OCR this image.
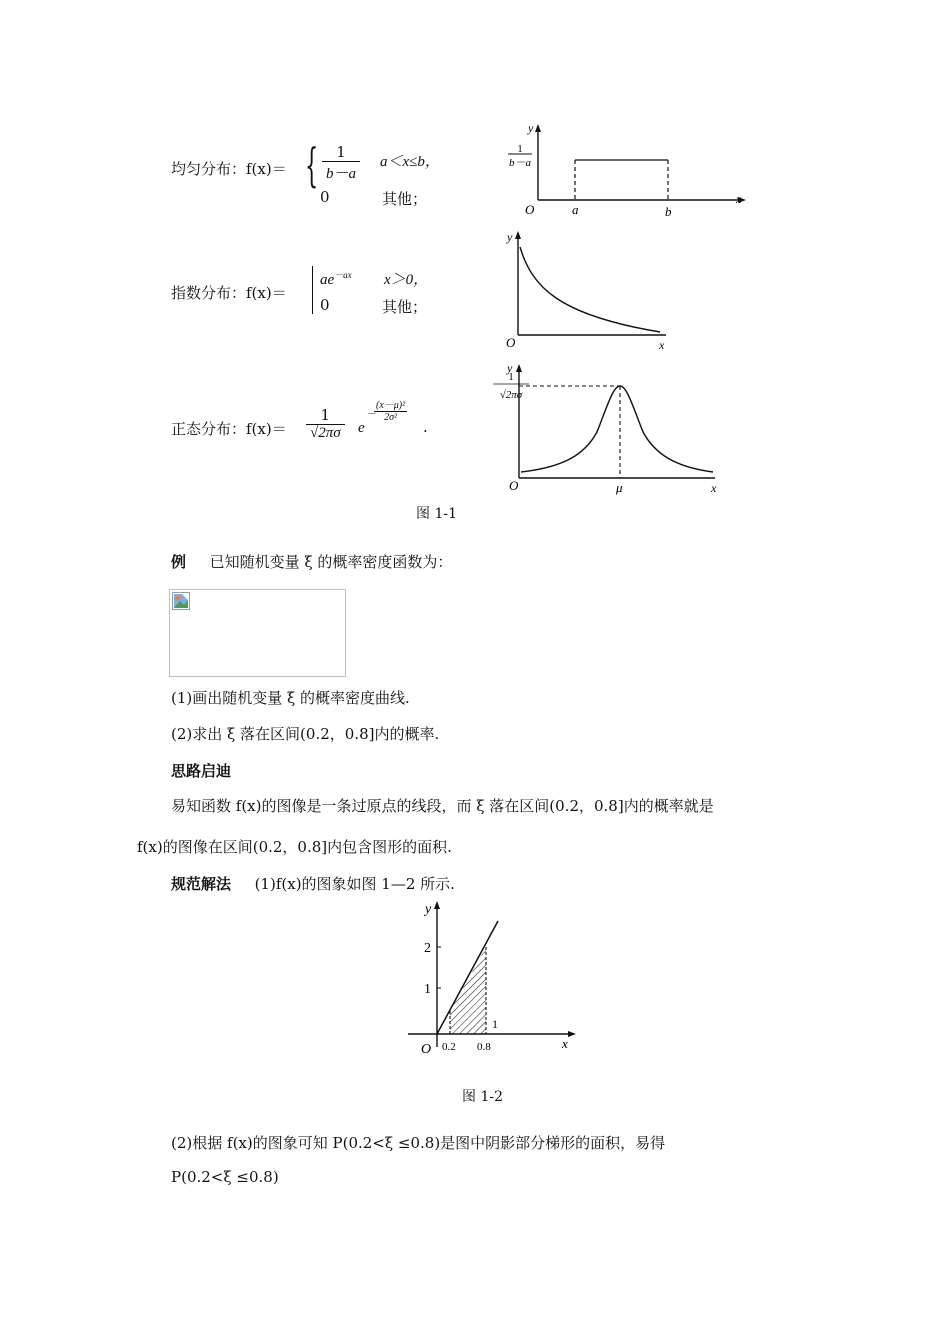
均匀分布：f(x)＝ { $\frac{1}{b-a} a<x\le b$，
0	其他；
指数分布：f(x)＝
$ae^{-ax}$ x＞0，
0	其他；
正态分布：$f(x)= \frac{1}{√2\pi\sigma}$ e
－
$\frac{\text{(x－μ)²}}{\text{2σ²}}$
.
1
b－a
y
x
O	a	b
y
x
O
1
√2πσ
y
x
O	μ
图 1-1
例 已知随机变量 ξ 的概率密度函数为：
(1)画出随机变量 ξ 的概率密度曲线.
(2)求出 ξ 落在区间(0.2，0.8]内的概率.
思路启迪
易知函数 f(x)的图像是一条过原点的线段，而 ξ 落在区间(0.2，0.8]内的概率就是
f(x)的图像在区间(0.2，0.8]内包含图形的面积.
规范解法 (1)f(x)的图象如图 1—2 所示.
y
x
O
2
1
1
0.2 0.8
图 1-2
(2)根据 f(x)的图象可知 P(0.2<ξ ≤0.8)是图中阴影部分梯形的面积，易得
P(0.2<ξ ≤0.8)
